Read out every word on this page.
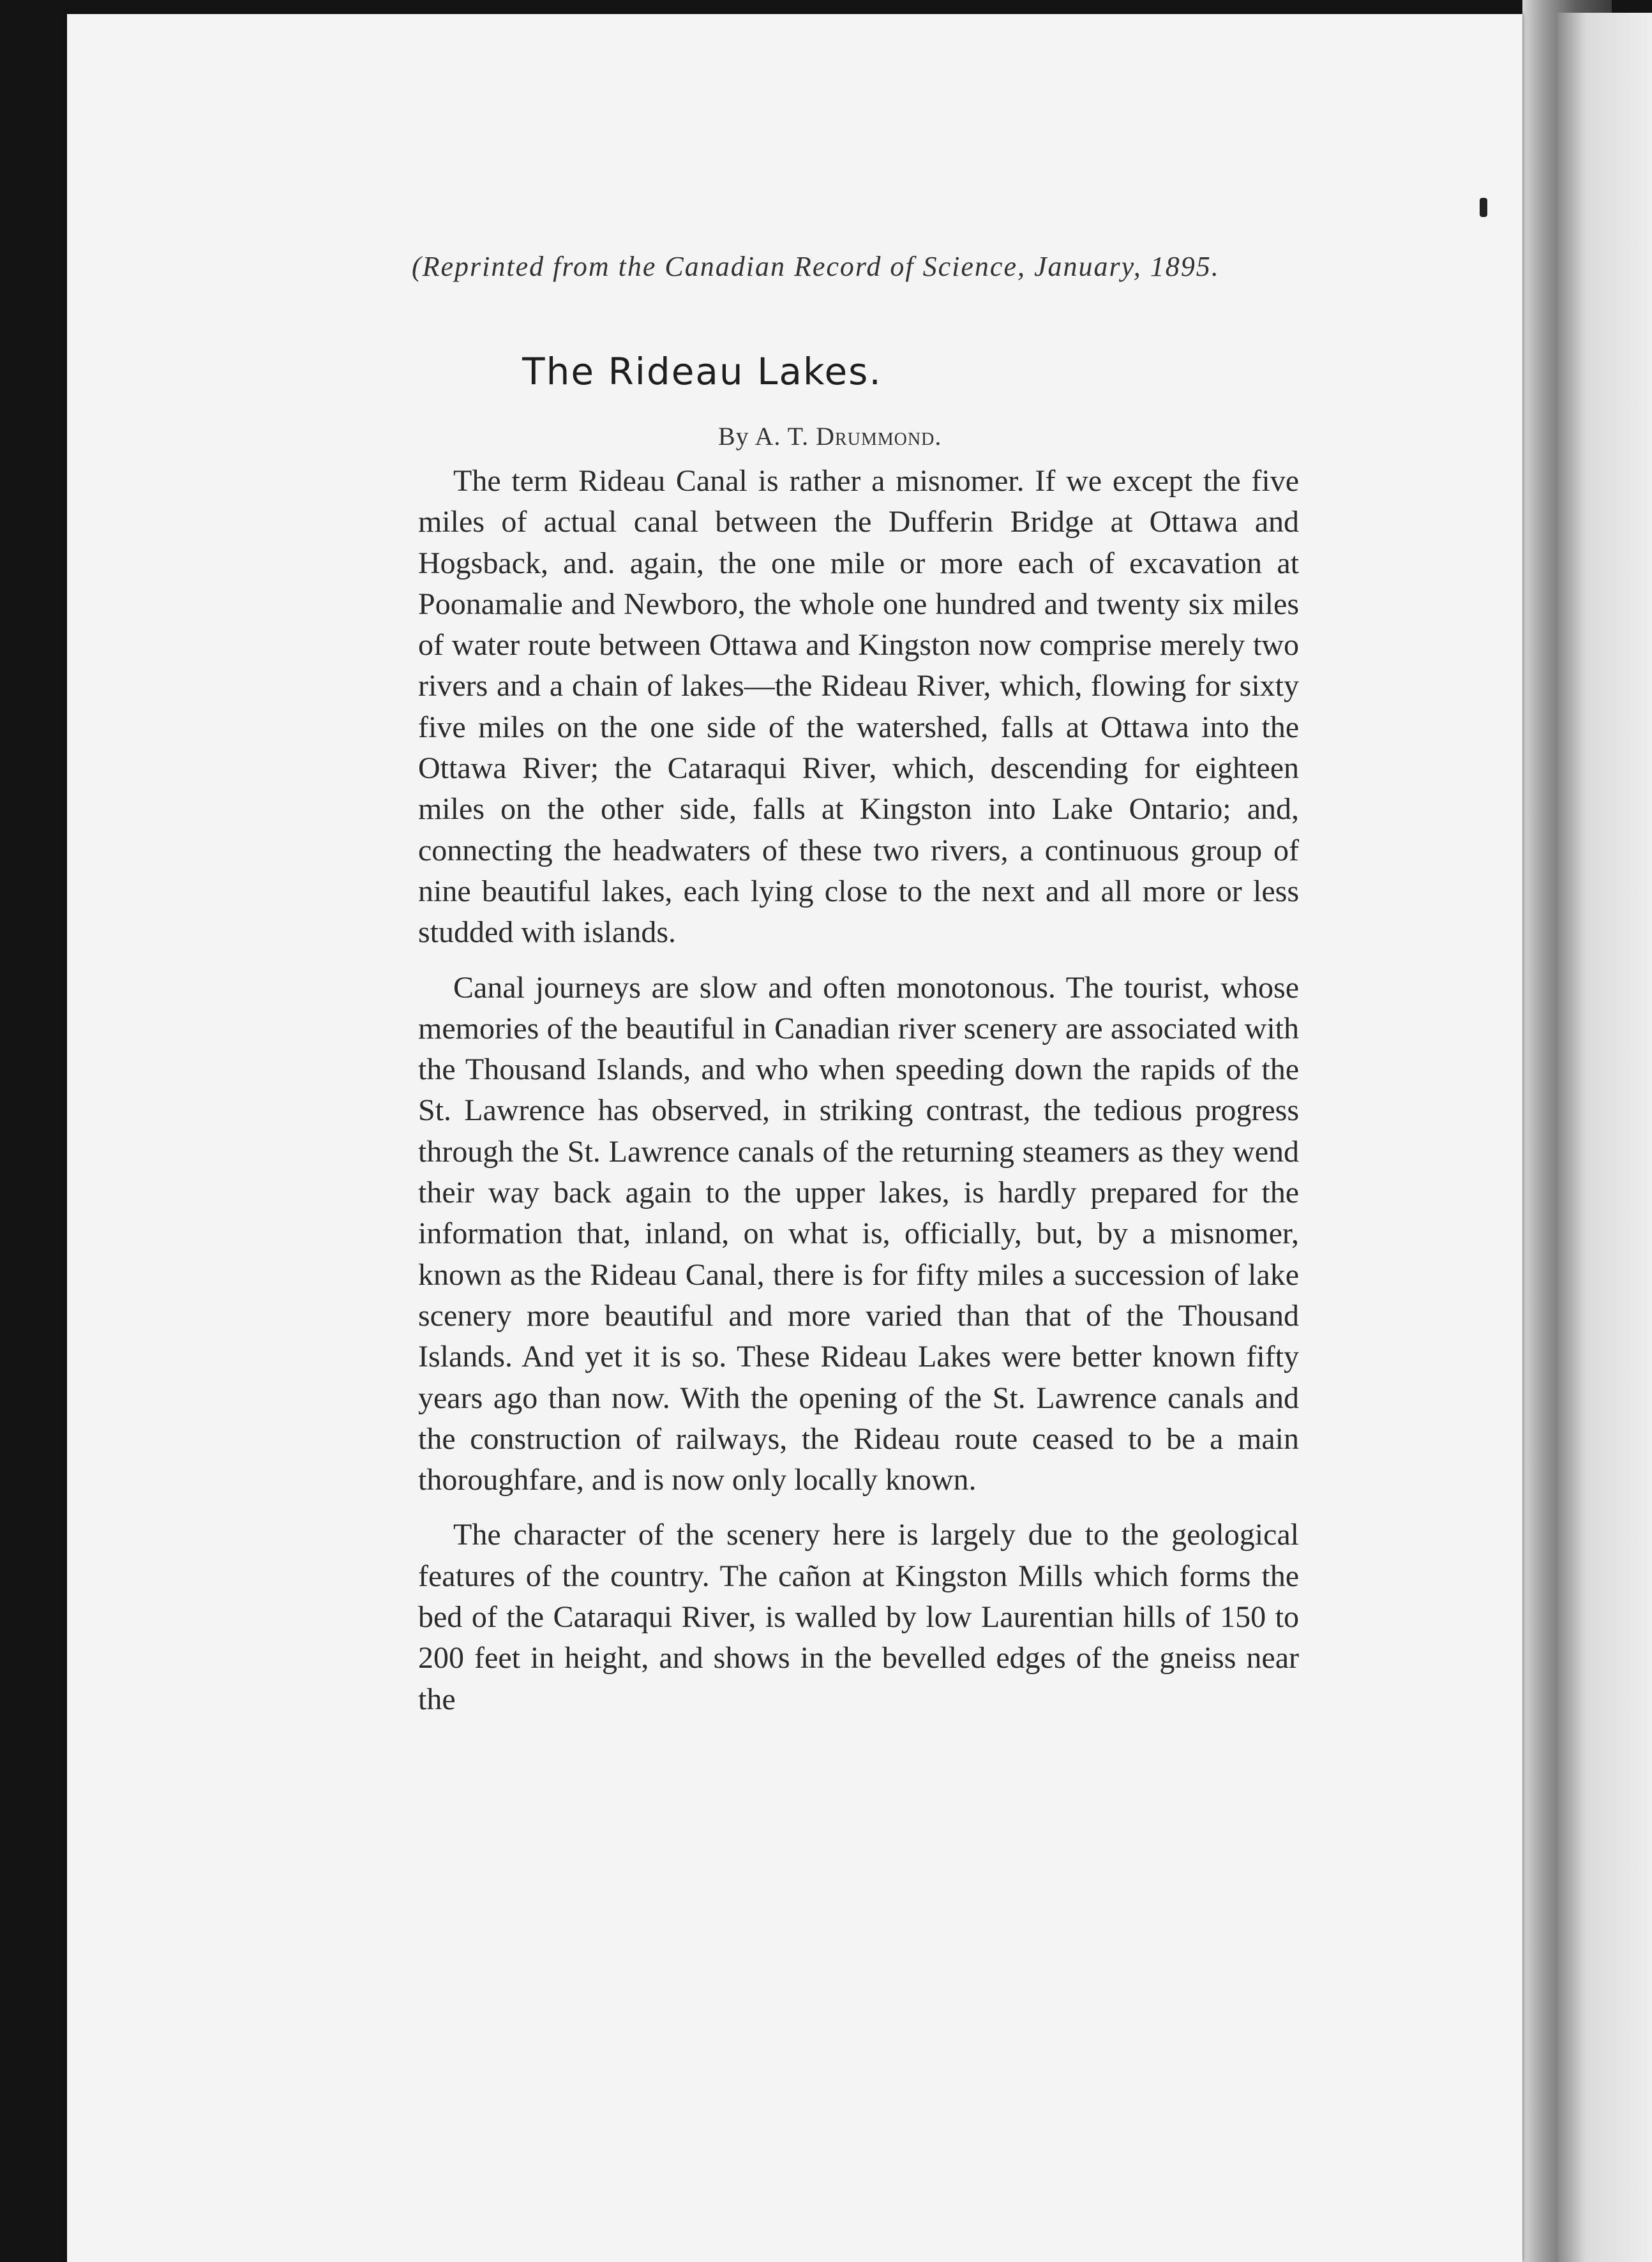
(Reprinted from the Canadian Record of Science, January, 1895.
The Rideau Lakes.
By A. T. Drummond.

The term Rideau Canal is rather a misnomer. If we except the five miles of actual canal between the Dufferin Bridge at Ottawa and Hogsback, and. again, the one mile or more each of excavation at Poonamalie and Newboro, the whole one hundred and twenty six miles of water route between Ottawa and Kingston now comprise merely two rivers and a chain of lakes—the Rideau River, which, flowing for sixty five miles on the one side of the watershed, falls at Ottawa into the Ottawa River; the Cataraqui River, which, descending for eighteen miles on the other side, falls at Kingston into Lake Ontario; and, connecting the headwaters of these two rivers, a continuous group of nine beautiful lakes, each lying close to the next and all more or less studded with islands.

Canal journeys are slow and often monotonous. The tourist, whose memories of the beautiful in Canadian river scenery are associated with the Thousand Islands, and who when speeding down the rapids of the St. Lawrence has observed, in striking contrast, the tedious progress through the St. Lawrence canals of the returning steamers as they wend their way back again to the upper lakes, is hardly prepared for the information that, inland, on what is, officially, but, by a misnomer, known as the Rideau Canal, there is for fifty miles a succession of lake scenery more beautiful and more varied than that of the Thousand Islands. And yet it is so. These Rideau Lakes were better known fifty years ago than now. With the opening of the St. Lawrence canals and the construction of railways, the Rideau route ceased to be a main thoroughfare, and is now only locally known.

The character of the scenery here is largely due to the geological features of the country. The cañon at Kingston Mills which forms the bed of the Cataraqui River, is walled by low Laurentian hills of 150 to 200 feet in height, and shows in the bevelled edges of the gneiss near the
